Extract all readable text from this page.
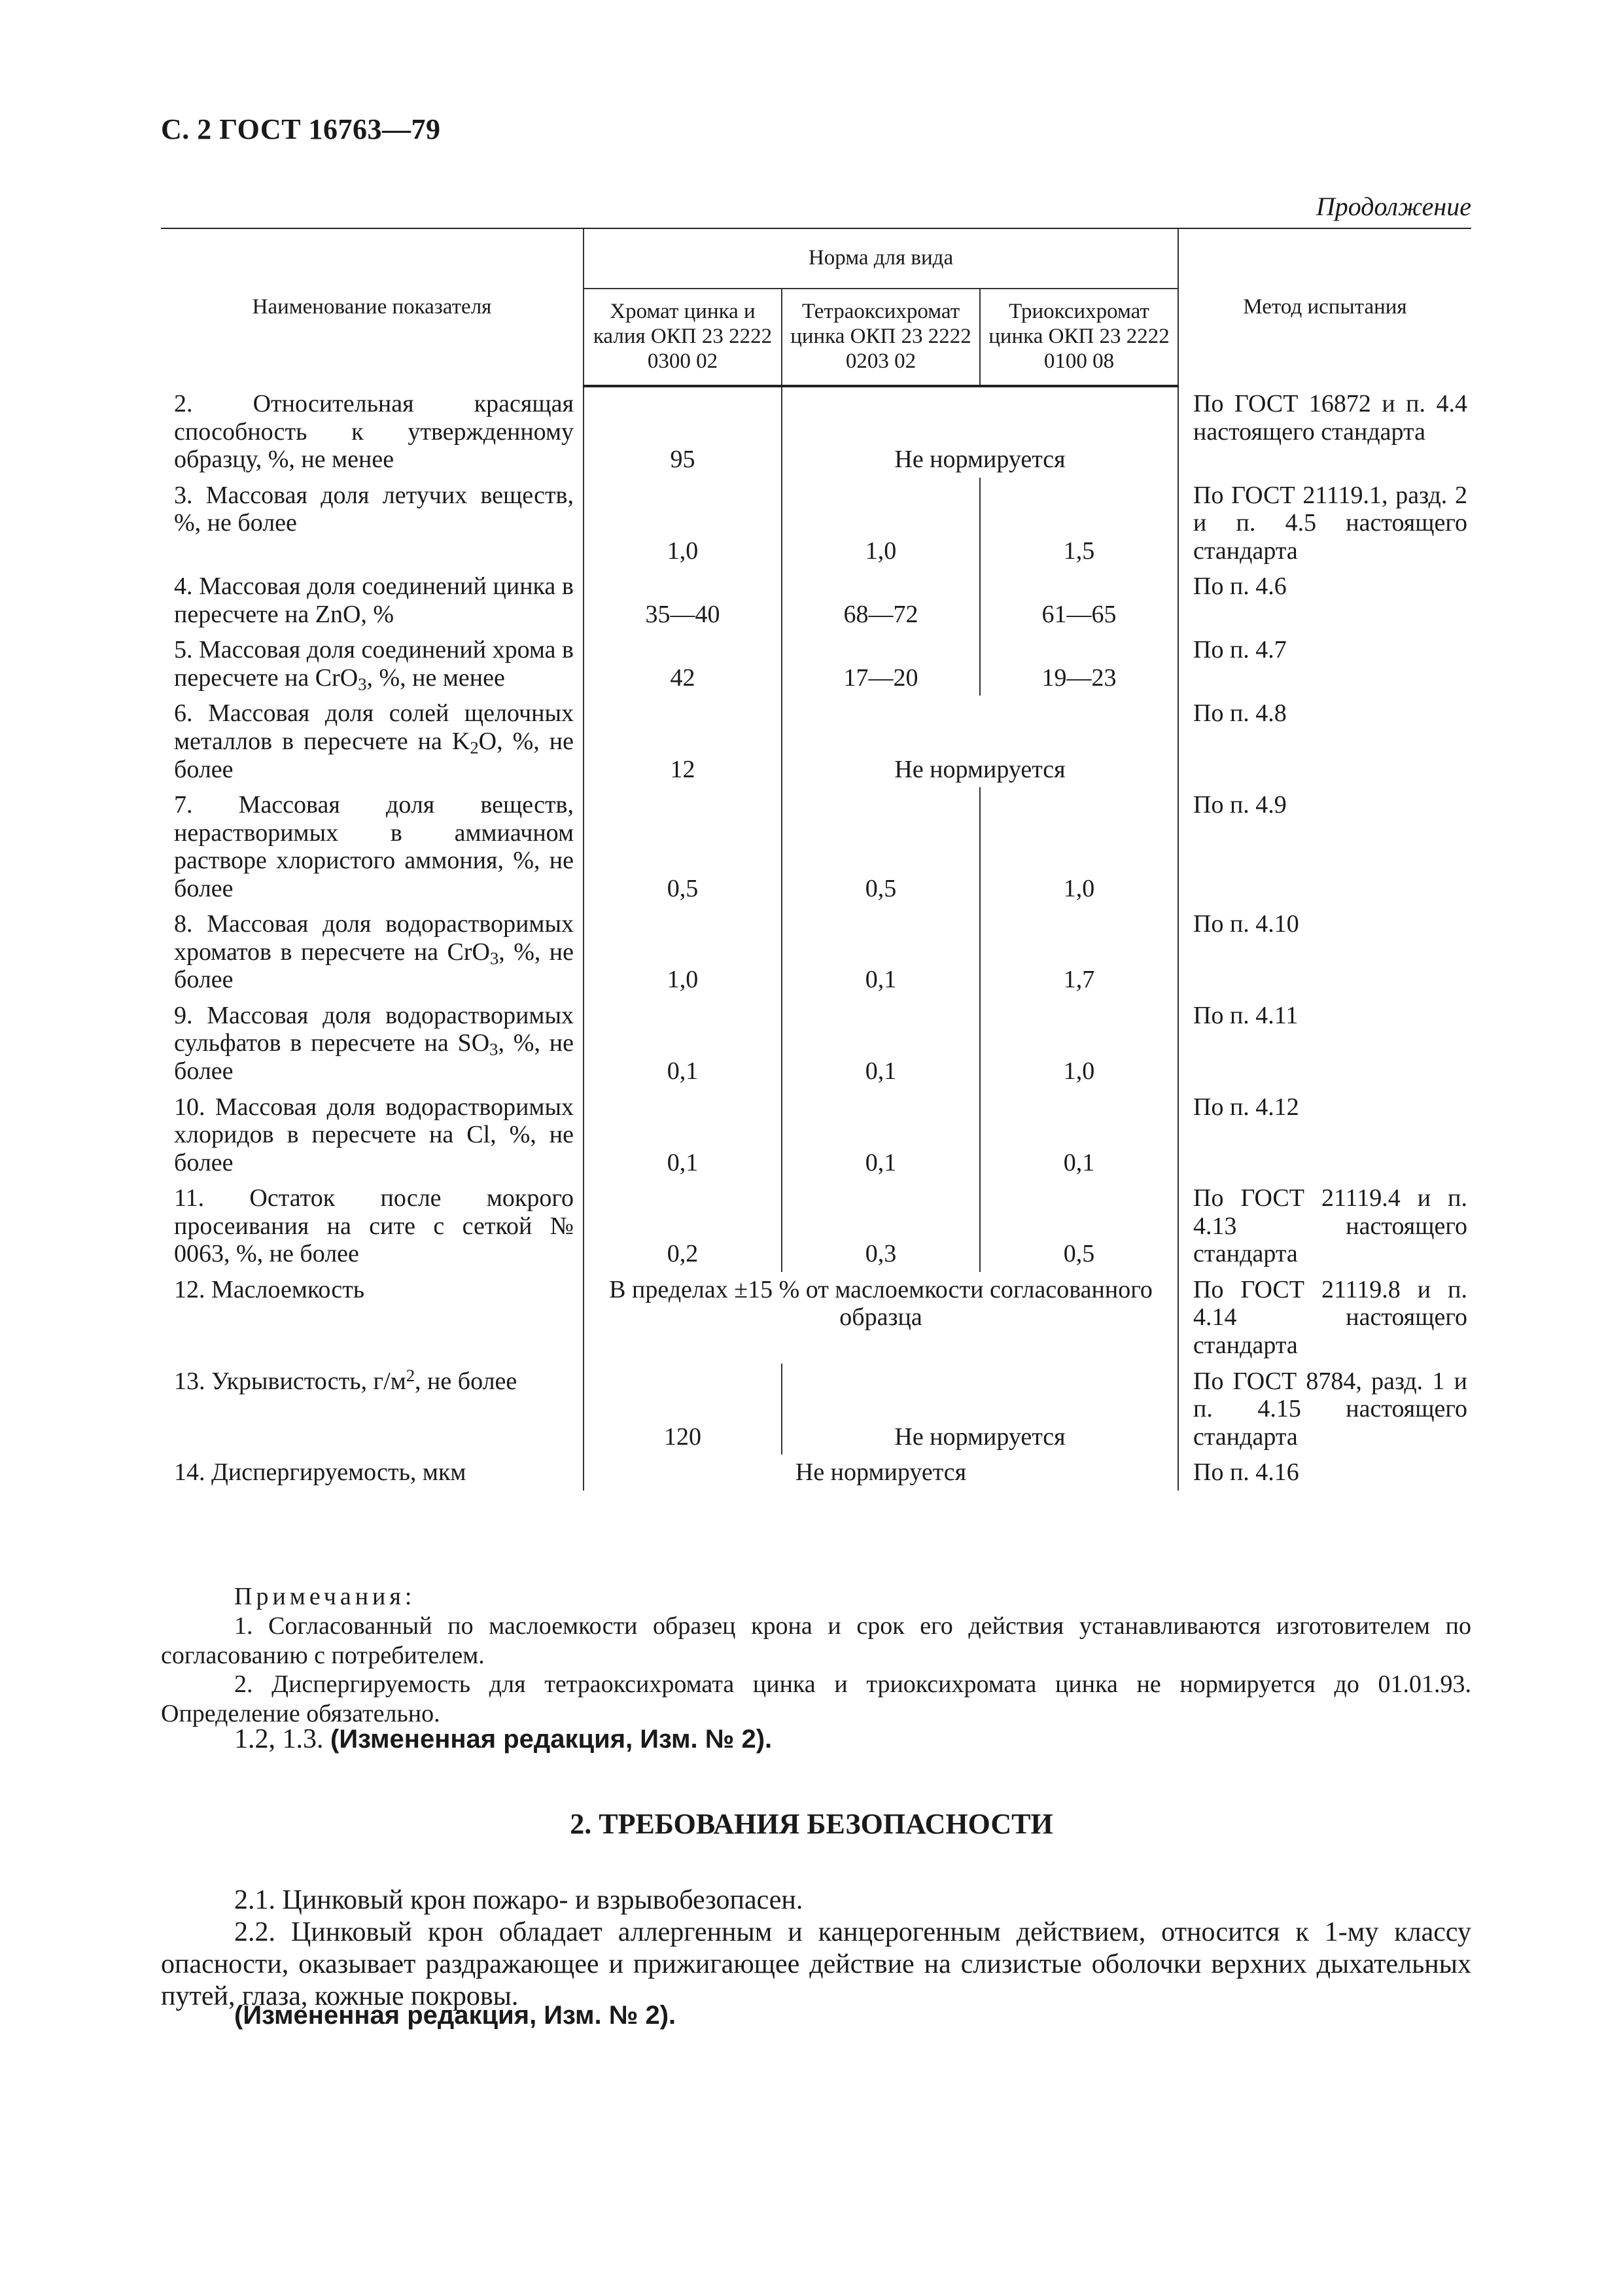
С. 2 ГОСТ 16763—79
Продолжение
Наименование показателя	Норма для вида			Метод испытания
	Хромат цинка и калия ОКП 23 2222 0300 02	Тетраоксихромат цинка ОКП 23 2222 0203 02	Триоксихромат цинка ОКП 23 2222 0100 08	
2. Относительная красящая способность к утвержденному образцу, %, не менее	95	Не нормируется		По ГОСТ 16872 и п. 4.4 настоящего стандарта
3. Массовая доля летучих веществ, %, не более	1,0	1,0	1,5	По ГОСТ 21119.1, разд. 2 и п. 4.5 настоящего стандарта
4. Массовая доля соединений цинка в пересчете на ZnO, %	35—40	68—72	61—65	По п. 4.6
5. Массовая доля соединений хрома в пересчете на CrO$_3$, %, не менее	42	17—20	19—23	По п. 4.7
6. Массовая доля солей щелочных металлов в пересчете на $K_2O$, %, не более	12	Не нормируется		По п. 4.8
7. Массовая доля веществ, нерастворимых в аммиачном растворе хлористого аммония, %, не более	0,5	0,5	1,0	По п. 4.9
8. Массовая доля водорастворимых хроматов в пересчете на CrO$_3$, %, не более	1,0	0,1	1,7	По п. 4.10
9. Массовая доля водорастворимых сульфатов в пересчете на $SO_3$, %, не более	0,1	0,1	1,0	По п. 4.11
10. Массовая доля водорастворимых хлоридов в пересчете на Cl, %, не более	0,1	0,1	0,1	По п. 4.12
11. Остаток после мокрого просеивания на сите с сеткой № 0063, %, не более	0,2	0,3	0,5	По ГОСТ 21119.4 и п. 4.13 настоящего стандарта
12. Маслоемкость	В пределах ±15 % от маслоемкости согласованного образца			По ГОСТ 21119.8 и п. 4.14 настоящего стандарта
13. Укрывистость, $г/м^2$, не более	120	Не нормируется		По ГОСТ 8784, разд. 1 и п. 4.15 настоящего стандарта
14. Диспергируемость, мкм	Не нормируется			По п. 4.16
Примечания:

1. Согласованный по маслоемкости образец крона и срок его действия устанавливаются изготовителем по согласованию с потребителем.

2. Диспергируемость для тетраоксихромата цинка и триоксихромата цинка не нормируется до 01.01.93. Определение обязательно.

1.2, 1.3. (Измененная редакция, Изм. № 2).
2. ТРЕБОВАНИЯ БЕЗОПАСНОСТИ

2.1. Цинковый крон пожаро- и взрывобезопасен.

2.2. Цинковый крон обладает аллергенным и канцерогенным действием, относится к 1-му классу опасности, оказывает раздражающее и прижигающее действие на слизистые оболочки верхних дыхательных путей, глаза, кожные покровы.

(Измененная редакция, Изм. № 2).
